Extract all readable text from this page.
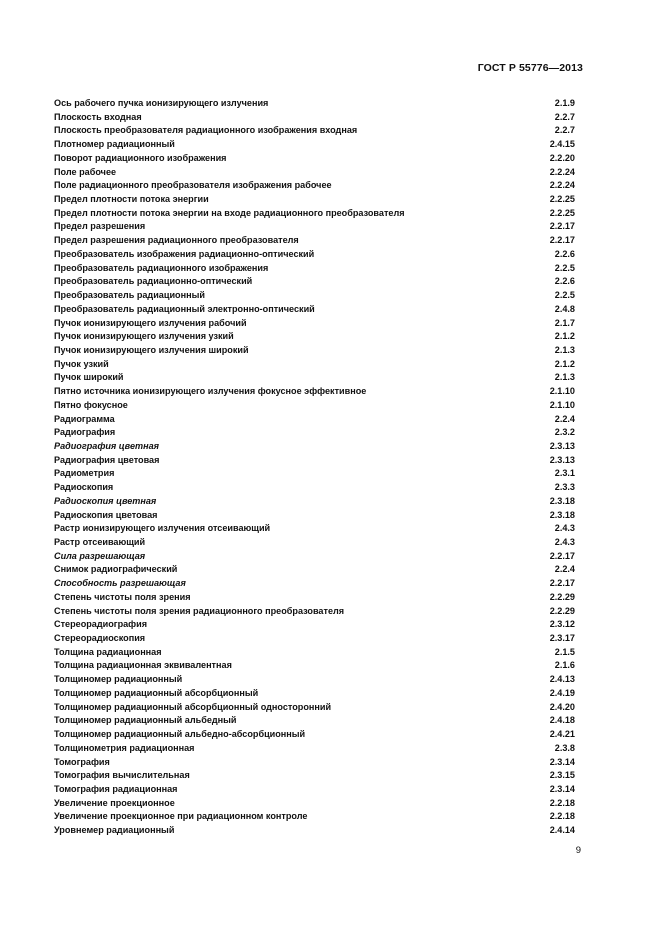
ГОСТ Р 55776—2013
Ось рабочего пучка ионизирующего излучения	2.1.9
Плоскость входная	2.2.7
Плоскость преобразователя радиационного изображения входная	2.2.7
Плотномер радиационный	2.4.15
Поворот радиационного изображения	2.2.20
Поле рабочее	2.2.24
Поле радиационного преобразователя изображения рабочее	2.2.24
Предел плотности потока энергии	2.2.25
Предел плотности потока энергии на входе радиационного преобразователя	2.2.25
Предел разрешения	2.2.17
Предел разрешения радиационного преобразователя	2.2.17
Преобразователь изображения радиационно-оптический	2.2.6
Преобразователь радиационного изображения	2.2.5
Преобразователь радиационно-оптический	2.2.6
Преобразователь радиационный	2.2.5
Преобразователь радиационный электронно-оптический	2.4.8
Пучок ионизирующего излучения рабочий	2.1.7
Пучок ионизирующего излучения узкий	2.1.2
Пучок ионизирующего излучения широкий	2.1.3
Пучок узкий	2.1.2
Пучок широкий	2.1.3
Пятно источника ионизирующего излучения фокусное эффективное	2.1.10
Пятно фокусное	2.1.10
Радиограмма	2.2.4
Радиография	2.3.2
Радиография цветная	2.3.13
Радиография цветовая	2.3.13
Радиометрия	2.3.1
Радиоскопия	2.3.3
Радиоскопия цветная	2.3.18
Радиоскопия цветовая	2.3.18
Растр ионизирующего излучения отсеивающий	2.4.3
Растр отсеивающий	2.4.3
Сила разрешающая	2.2.17
Снимок радиографический	2.2.4
Способность разрешающая	2.2.17
Степень чистоты поля зрения	2.2.29
Степень чистоты поля зрения радиационного преобразователя	2.2.29
Стереорадиография	2.3.12
Стереорадиоскопия	2.3.17
Толщина радиационная	2.1.5
Толщина радиационная эквивалентная	2.1.6
Толщиномер радиационный	2.4.13
Толщиномер радиационный абсорбционный	2.4.19
Толщиномер радиационный абсорбционный односторонний	2.4.20
Толщиномер радиационный альбедный	2.4.18
Толщиномер радиационный альбедно-абсорбционный	2.4.21
Толщинометрия радиационная	2.3.8
Томография	2.3.14
Томография вычислительная	2.3.15
Томография радиационная	2.3.14
Увеличение проекционное	2.2.18
Увеличение проекционное при радиационном контроле	2.2.18
Уровнемер радиационный	2.4.14
9
